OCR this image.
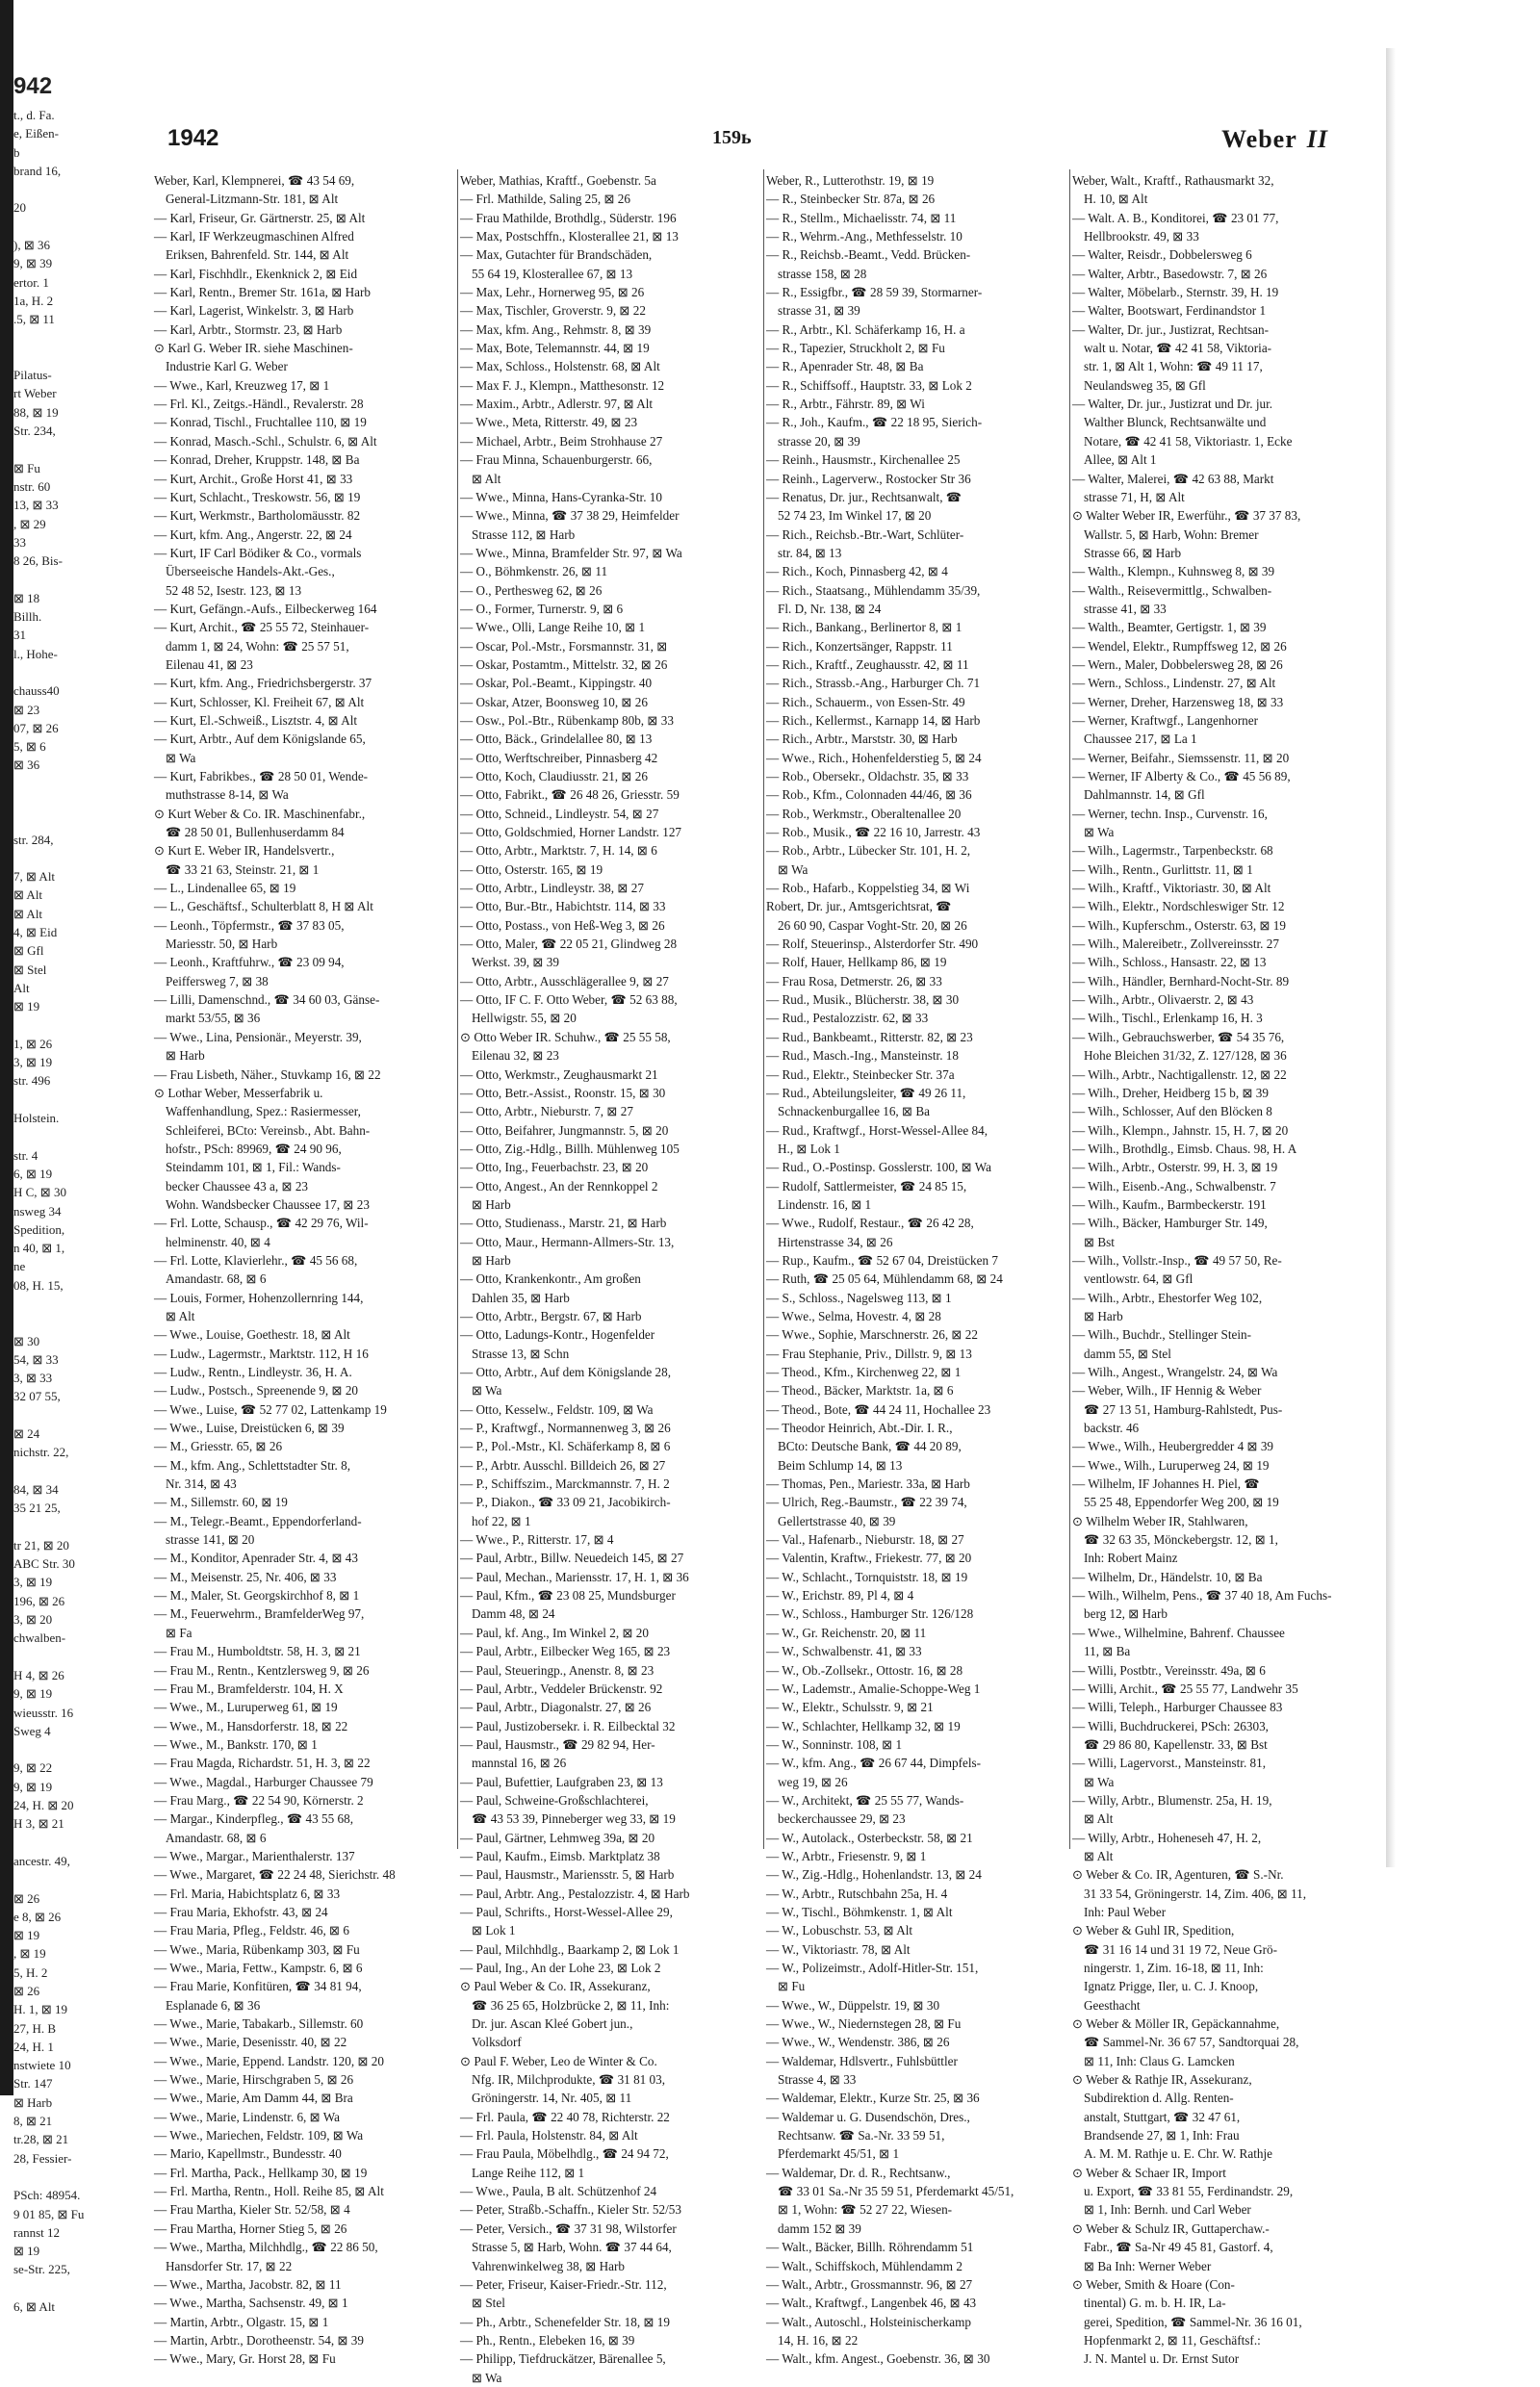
942
t., d. Fa.
e, Eißen-
b
brand 16,

20

), ⊠ 36
9, ⊠ 39
ertor. 1
1a, H. 2
.5, ⊠ 11

Pilatus-
rt Weber
88, ⊠ 19
Str. 234,

⊠ Fu
nstr. 60
13, ⊠ 33
, ⊠ 29
33
8 26, Bis-

⊠ 18
Billh.
31
l., Hohe-

chauss40
⊠ 23
07, ⊠ 26
5, ⊠ 6
⊠ 36

str. 284,

7, ⊠ Alt
⊠ Alt
⊠ Alt
4, ⊠ Eid
⊠ Gfl
⊠ Stel
Alt
⊠ 19

1, ⊠ 26
3, ⊠ 19
str. 496

Holstein.

str. 4
6, ⊠ 19
H C, ⊠ 30
nsweg 34
Spedition,
n 40, ⊠ 1,
ne
08, H. 15,

⊠ 30
54, ⊠ 33
3, ⊠ 33
32 07 55,

⊠ 24
nichstr. 22,

84, ⊠ 34
35 21 25,

tr 21, ⊠ 20
ABC Str. 30
3, ⊠ 19
196, ⊠ 26
3, ⊠ 20
chwalben-

H 4, ⊠ 26
9, ⊠ 19
wieusstr. 16
Sweg 4

9, ⊠ 22
9, ⊠ 19
24, H. ⊠ 20
H 3, ⊠ 21

ancestr. 49,

⊠ 26
e 8, ⊠ 26
⊠ 19
, ⊠ 19
5, H. 2
⊠ 26
H. 1, ⊠ 19
27, H. B
24, H. 1
nstwiete 10
Str. 147
⊠ Harb
8, ⊠ 21
tr.28, ⊠ 21
28, Fessier-

PSch: 48954.
9 01 85, ⊠ Fu
rannst 12
⊠ 19
se-Str. 225,

6, ⊠ Alt
1942	159ь	Weber II
Weber, Karl, Klempnerei, ☎ 43 54 69,
General-Litzmann-Str. 181, ⊠ Alt
— Karl, Friseur, Gr. Gärtnerstr. 25, ⊠ Alt
— Karl, IF Werkzeugmaschinen Alfred
Eriksen, Bahrenfeld. Str. 144, ⊠ Alt
— Karl, Fischhdlr., Ekenknick 2, ⊠ Eid
— Karl, Rentn., Bremer Str. 161a, ⊠ Harb
— Karl, Lagerist, Winkelstr. 3, ⊠ Harb
— Karl, Arbtr., Stormstr. 23, ⊠ Harb
⊙ Karl G. Weber IR. siehe Maschinen-
Industrie Karl G. Weber
— Wwe., Karl, Kreuzweg 17, ⊠ 1
— Frl. Kl., Zeitgs.-Händl., Revalerstr. 28
— Konrad, Tischl., Fruchtallee 110, ⊠ 19
— Konrad, Masch.-Schl., Schulstr. 6, ⊠ Alt
— Konrad, Dreher, Kruppstr. 148, ⊠ Ba
— Kurt, Archit., Große Horst 41, ⊠ 33
— Kurt, Schlacht., Treskowstr. 56, ⊠ 19
— Kurt, Werkmstr., Bartholomäusstr. 82
— Kurt, kfm. Ang., Angerstr. 22, ⊠ 24
— Kurt, IF Carl Bödiker & Co., vormals
Überseeische Handels-Akt.-Ges.,
52 48 52, Isestr. 123, ⊠ 13
— Kurt, Gefängn.-Aufs., Eilbeckerweg 164
— Kurt, Archit., ☎ 25 55 72, Steinhauer-
damm 1, ⊠ 24, Wohn: ☎ 25 57 51,
Eilenau 41, ⊠ 23
— Kurt, kfm. Ang., Friedrichsbergerstr. 37
— Kurt, Schlosser, Kl. Freiheit 67, ⊠ Alt
— Kurt, El.-Schweiß., Lisztstr. 4, ⊠ Alt
— Kurt, Arbtr., Auf dem Königslande 65,
⊠ Wa
— Kurt, Fabrikbes., ☎ 28 50 01, Wende-
muthstrasse 8-14, ⊠ Wa
⊙ Kurt Weber & Co. IR. Maschinenfabr.,
☎ 28 50 01, Bullenhuserdamm 84
⊙ Kurt E. Weber IR, Handelsvertr.,
☎ 33 21 63, Steinstr. 21, ⊠ 1
— L., Lindenallee 65, ⊠ 19
— L., Geschäftsf., Schulterblatt 8, H ⊠ Alt
— Leonh., Töpfermstr., ☎ 37 83 05,
Mariesstr. 50, ⊠ Harb
— Leonh., Kraftfuhrw., ☎ 23 09 94,
Peiffersweg 7, ⊠ 38
— Lilli, Damenschnd., ☎ 34 60 03, Gänse-
markt 53/55, ⊠ 36
— Wwe., Lina, Pensionär., Meyerstr. 39,
⊠ Harb
— Frau Lisbeth, Näher., Stuvkamp 16, ⊠ 22
⊙ Lothar Weber, Messerfabrik u.
Waffenhandlung, Spez.: Rasiermesser,
Schleiferei, BCto: Vereinsb., Abt. Bahn-
hofstr., PSch: 89969, ☎ 24 90 96,
Steindamm 101, ⊠ 1, Fil.: Wands-
becker Chaussee 43 a, ⊠ 23
Wohn. Wandsbecker Chaussee 17, ⊠ 23
— Frl. Lotte, Schausp., ☎ 42 29 76, Wil-
helminenstr. 40, ⊠ 4
— Frl. Lotte, Klavierlehr., ☎ 45 56 68,
Amandastr. 68, ⊠ 6
— Louis, Former, Hohenzollernring 144,
⊠ Alt
— Wwe., Louise, Goethestr. 18, ⊠ Alt
— Ludw., Lagermstr., Marktstr. 112, H 16
— Ludw., Rentn., Lindleystr. 36, H. A.
— Ludw., Postsch., Spreenende 9, ⊠ 20
— Wwe., Luise, ☎ 52 77 02, Lattenkamp 19
— Wwe., Luise, Dreistücken 6, ⊠ 39
— M., Griesstr. 65, ⊠ 26
— M., kfm. Ang., Schlettstadter Str. 8,
Nr. 314, ⊠ 43
— M., Sillemstr. 60, ⊠ 19
— M., Telegr.-Beamt., Eppendorferland-
strasse 141, ⊠ 20
— M., Konditor, Apenrader Str. 4, ⊠ 43
— M., Meisenstr. 25, Nr. 406, ⊠ 33
— M., Maler, St. Georgskirchhof 8, ⊠ 1
— M., Feuerwehrm., BramfelderWeg 97,
⊠ Fa
— Frau M., Humboldtstr. 58, H. 3, ⊠ 21
— Frau M., Rentn., Kentzlersweg 9, ⊠ 26
— Frau M., Bramfelderstr. 104, H. X
— Wwe., M., Luruperweg 61, ⊠ 19
— Wwe., M., Hansdorferstr. 18, ⊠ 22
— Wwe., M., Bankstr. 170, ⊠ 1
— Frau Magda, Richardstr. 51, H. 3, ⊠ 22
— Wwe., Magdal., Harburger Chaussee 79
— Frau Marg., ☎ 22 54 90, Körnerstr. 2
— Margar., Kinderpfleg., ☎ 43 55 68,
Amandastr. 68, ⊠ 6
— Wwe., Margar., Marienthalerstr. 137
— Wwe., Margaret, ☎ 22 24 48, Sierichstr. 48
— Frl. Maria, Habichtsplatz 6, ⊠ 33
— Frau Maria, Ekhofstr. 43, ⊠ 24
— Frau Maria, Pfleg., Feldstr. 46, ⊠ 6
— Wwe., Maria, Rübenkamp 303, ⊠ Fu
— Wwe., Maria, Fettw., Kampstr. 6, ⊠ 6
— Frau Marie, Konfitüren, ☎ 34 81 94,
Esplanade 6, ⊠ 36
— Wwe., Marie, Tabakarb., Sillemstr. 60
— Wwe., Marie, Desenisstr. 40, ⊠ 22
— Wwe., Marie, Eppend. Landstr. 120, ⊠ 20
— Wwe., Marie, Hirschgraben 5, ⊠ 26
— Wwe., Marie, Am Damm 44, ⊠ Bra
— Wwe., Marie, Lindenstr. 6, ⊠ Wa
— Wwe., Mariechen, Feldstr. 109, ⊠ Wa
— Mario, Kapellmstr., Bundesstr. 40
— Frl. Martha, Pack., Hellkamp 30, ⊠ 19
— Frl. Martha, Rentn., Holl. Reihe 85, ⊠ Alt
— Frau Martha, Kieler Str. 52/58, ⊠ 4
— Frau Martha, Horner Stieg 5, ⊠ 26
— Wwe., Martha, Milchhdlg., ☎ 22 86 50,
Hansdorfer Str. 17, ⊠ 22
— Wwe., Martha, Jacobstr. 82, ⊠ 11
— Wwe., Martha, Sachsenstr. 49, ⊠ 1
— Martin, Arbtr., Olgastr. 15, ⊠ 1
— Martin, Arbtr., Dorotheenstr. 54, ⊠ 39
— Wwe., Mary, Gr. Horst 28, ⊠ Fu
Weber, Mathias, Kraftf., Goebenstr. 5a
— Frl. Mathilde, Saling 25, ⊠ 26
— Frau Mathilde, Brothdlg., Süderstr. 196
— Max, Postschffn., Klosterallee 21, ⊠ 13
— Max, Gutachter für Brandschäden,
55 64 19, Klosterallee 67, ⊠ 13
— Max, Lehr., Hornerweg 95, ⊠ 26
— Max, Tischler, Groverstr. 9, ⊠ 22
— Max, kfm. Ang., Rehmstr. 8, ⊠ 39
— Max, Bote, Telemannstr. 44, ⊠ 19
— Max, Schloss., Holstenstr. 68, ⊠ Alt
— Max F. J., Klempn., Matthesonstr. 12
— Maxim., Arbtr., Adlerstr. 97, ⊠ Alt
— Wwe., Meta, Ritterstr. 49, ⊠ 23
— Michael, Arbtr., Beim Strohhause 27
— Frau Minna, Schauenburgerstr. 66,
⊠ Alt
— Wwe., Minna, Hans-Cyranka-Str. 10
— Wwe., Minna, ☎ 37 38 29, Heimfelder
Strasse 112, ⊠ Harb
— Wwe., Minna, Bramfelder Str. 97, ⊠ Wa
— O., Böhmkenstr. 26, ⊠ 11
— O., Perthesweg 62, ⊠ 26
— O., Former, Turnerstr. 9, ⊠ 6
— Wwe., Olli, Lange Reihe 10, ⊠ 1
— Oscar, Pol.-Mstr., Forsmannstr. 31, ⊠
— Oskar, Postamtm., Mittelstr. 32, ⊠ 26
— Oskar, Pol.-Beamt., Kippingstr. 40
— Oskar, Atzer, Boonsweg 10, ⊠ 26
— Osw., Pol.-Btr., Rübenkamp 80b, ⊠ 33
— Otto, Bäck., Grindelallee 80, ⊠ 13
— Otto, Werftschreiber, Pinnasberg 42
— Otto, Koch, Claudiusstr. 21, ⊠ 26
— Otto, Fabrikt., ☎ 26 48 26, Griesstr. 59
— Otto, Schneid., Lindleystr. 54, ⊠ 27
— Otto, Goldschmied, Horner Landstr. 127
— Otto, Arbtr., Marktstr. 7, H. 14, ⊠ 6
— Otto, Osterstr. 165, ⊠ 19
— Otto, Arbtr., Lindleystr. 38, ⊠ 27
— Otto, Bur.-Btr., Habichtstr. 114, ⊠ 33
— Otto, Postass., von Heß-Weg 3, ⊠ 26
— Otto, Maler, ☎ 22 05 21, Glindweg 28
Werkst. 39, ⊠ 39
— Otto, Arbtr., Ausschlägerallee 9, ⊠ 27
— Otto, IF C. F. Otto Weber, ☎ 52 63 88,
Hellwigstr. 55, ⊠ 20
⊙ Otto Weber IR. Schuhw., ☎ 25 55 58,
Eilenau 32, ⊠ 23
— Otto, Werkmstr., Zeughausmarkt 21
— Otto, Betr.-Assist., Roonstr. 15, ⊠ 30
— Otto, Arbtr., Nieburstr. 7, ⊠ 27
— Otto, Beifahrer, Jungmannstr. 5, ⊠ 20
— Otto, Zig.-Hdlg., Billh. Mühlenweg 105
— Otto, Ing., Feuerbachstr. 23, ⊠ 20
— Otto, Angest., An der Rennkoppel 2
⊠ Harb
— Otto, Studienass., Marstr. 21, ⊠ Harb
— Otto, Maur., Hermann-Allmers-Str. 13,
⊠ Harb
— Otto, Krankenkontr., Am großen
Dahlen 35, ⊠ Harb
— Otto, Arbtr., Bergstr. 67, ⊠ Harb
— Otto, Ladungs-Kontr., Hogenfelder
Strasse 13, ⊠ Schn
— Otto, Arbtr., Auf dem Königslande 28,
⊠ Wa
— Otto, Kesselw., Feldstr. 109, ⊠ Wa
— P., Kraftwgf., Normannenweg 3, ⊠ 26
— P., Pol.-Mstr., Kl. Schäferkamp 8, ⊠ 6
— P., Arbtr. Ausschl. Billdeich 26, ⊠ 27
— P., Schiffszim., Marckmannstr. 7, H. 2
— P., Diakon., ☎ 33 09 21, Jacobikirch-
hof 22, ⊠ 1
— Wwe., P., Ritterstr. 17, ⊠ 4
— Paul, Arbtr., Billw. Neuedeich 145, ⊠ 27
— Paul, Mechan., Mariensstr. 17, H. 1, ⊠ 36
— Paul, Kfm., ☎ 23 08 25, Mundsburger
Damm 48, ⊠ 24
— Paul, kf. Ang., Im Winkel 2, ⊠ 20
— Paul, Arbtr., Eilbecker Weg 165, ⊠ 23
— Paul, Steueringp., Anenstr. 8, ⊠ 23
— Paul, Arbtr., Veddeler Brückenstr. 92
— Paul, Arbtr., Diagonalstr. 27, ⊠ 26
— Paul, Justizobersekr. i. R. Eilbecktal 32
— Paul, Hausmstr., ☎ 29 82 94, Her-
mannstal 16, ⊠ 26
— Paul, Bufettier, Laufgraben 23, ⊠ 13
— Paul, Schweine-Großschlachterei,
☎ 43 53 39, Pinneberger weg 33, ⊠ 19
— Paul, Gärtner, Lehmweg 39a, ⊠ 20
— Paul, Kaufm., Eimsb. Marktplatz 38
— Paul, Hausmstr., Mariensstr. 5, ⊠ Harb
— Paul, Arbtr. Ang., Pestalozzistr. 4, ⊠ Harb
— Paul, Schrifts., Horst-Wessel-Allee 29,
⊠ Lok 1
— Paul, Milchhdlg., Baarkamp 2, ⊠ Lok 1
— Paul, Ing., An der Lohe 23, ⊠ Lok 2
⊙ Paul Weber & Co. IR, Assekuranz,
☎ 36 25 65, Holzbrücke 2, ⊠ 11, Inh:
Dr. jur. Ascan Kleé Gobert jun.,
Volksdorf
⊙ Paul F. Weber, Leo de Winter & Co.
Nfg. IR, Milchprodukte, ☎ 31 81 03,
Gröningerstr. 14, Nr. 405, ⊠ 11
— Frl. Paula, ☎ 22 40 78, Richterstr. 22
— Frl. Paula, Holstenstr. 84, ⊠ Alt
— Frau Paula, Möbelhdlg., ☎ 24 94 72,
Lange Reihe 112, ⊠ 1
— Wwe., Paula, B alt. Schützenhof 24
— Peter, Straßb.-Schaffn., Kieler Str. 52/53
— Peter, Versich., ☎ 37 31 98, Wilstorfer
Strasse 5, ⊠ Harb, Wohn. ☎ 37 44 64,
Vahrenwinkelweg 38, ⊠ Harb
— Peter, Friseur, Kaiser-Friedr.-Str. 112,
⊠ Stel
— Ph., Arbtr., Schenefelder Str. 18, ⊠ 19
— Ph., Rentn., Elebeken 16, ⊠ 39
— Philipp, Tiefdruckätzer, Bärenallee 5,
⊠ Wa
Weber, R., Lutterothstr. 19, ⊠ 19
— R., Steinbecker Str. 87a, ⊠ 26
— R., Stellm., Michaelisstr. 74, ⊠ 11
— R., Wehrm.-Ang., Methfesselstr. 10
— R., Reichsb.-Beamt., Vedd. Brücken-
strasse 158, ⊠ 28
— R., Essigfbr., ☎ 28 59 39, Stormarner-
strasse 31, ⊠ 39
— R., Arbtr., Kl. Schäferkamp 16, H. a
— R., Tapezier, Struckholt 2, ⊠ Fu
— R., Apenrader Str. 48, ⊠ Ba
— R., Schiffsoff., Hauptstr. 33, ⊠ Lok 2
— R., Arbtr., Fährstr. 89, ⊠ Wi
— R., Joh., Kaufm., ☎ 22 18 95, Sierich-
strasse 20, ⊠ 39
— Reinh., Hausmstr., Kirchenallee 25
— Reinh., Lagerverw., Rostocker Str 36
— Renatus, Dr. jur., Rechtsanwalt, ☎
52 74 23, Im Winkel 17, ⊠ 20
— Rich., Reichsb.-Btr.-Wart, Schlüter-
str. 84, ⊠ 13
— Rich., Koch, Pinnasberg 42, ⊠ 4
— Rich., Staatsang., Mühlendamm 35/39,
Fl. D, Nr. 138, ⊠ 24
— Rich., Bankang., Berlinertor 8, ⊠ 1
— Rich., Konzertsänger, Rappstr. 11
— Rich., Kraftf., Zeughausstr. 42, ⊠ 11
— Rich., Strassb.-Ang., Harburger Ch. 71
— Rich., Schauerm., von Essen-Str. 49
— Rich., Kellermst., Karnapp 14, ⊠ Harb
— Rich., Arbtr., Marststr. 30, ⊠ Harb
— Wwe., Rich., Hohenfelderstieg 5, ⊠ 24
— Rob., Obersekr., Oldachstr. 35, ⊠ 33
— Rob., Kfm., Colonnaden 44/46, ⊠ 36
— Rob., Werkmstr., Oberaltenallee 20
— Rob., Musik., ☎ 22 16 10, Jarrestr. 43
— Rob., Arbtr., Lübecker Str. 101, H. 2,
⊠ Wa
— Rob., Hafarb., Koppelstieg 34, ⊠ Wi
Robert, Dr. jur., Amtsgerichtsrat, ☎
26 60 90, Caspar Voght-Str. 20, ⊠ 26
— Rolf, Steuerinsp., Alsterdorfer Str. 490
— Rolf, Hauer, Hellkamp 86, ⊠ 19
— Frau Rosa, Detmerstr. 26, ⊠ 33
— Rud., Musik., Blücherstr. 38, ⊠ 30
— Rud., Pestalozzistr. 62, ⊠ 33
— Rud., Bankbeamt., Ritterstr. 82, ⊠ 23
— Rud., Masch.-Ing., Mansteinstr. 18
— Rud., Elektr., Steinbecker Str. 37a
— Rud., Abteilungsleiter, ☎ 49 26 11,
Schnackenburgallee 16, ⊠ Ba
— Rud., Kraftwgf., Horst-Wessel-Allee 84,
H., ⊠ Lok 1
— Rud., O.-Postinsp. Gosslerstr. 100, ⊠ Wa
— Rudolf, Sattlermeister, ☎ 24 85 15,
Lindenstr. 16, ⊠ 1
— Wwe., Rudolf, Restaur., ☎ 26 42 28,
Hirtenstrasse 34, ⊠ 26
— Rup., Kaufm., ☎ 52 67 04, Dreistücken 7
— Ruth, ☎ 25 05 64, Mühlendamm 68, ⊠ 24
— S., Schloss., Nagelsweg 113, ⊠ 1
— Wwe., Selma, Hovestr. 4, ⊠ 28
— Wwe., Sophie, Marschnerstr. 26, ⊠ 22
— Frau Stephanie, Priv., Dillstr. 9, ⊠ 13
— Theod., Kfm., Kirchenweg 22, ⊠ 1
— Theod., Bäcker, Marktstr. 1a, ⊠ 6
— Theod., Bote, ☎ 44 24 11, Hochallee 23
— Theodor Heinrich, Abt.-Dir. I. R.,
BCto: Deutsche Bank, ☎ 44 20 89,
Beim Schlump 14, ⊠ 13
— Thomas, Pen., Mariestr. 33a, ⊠ Harb
— Ulrich, Reg.-Baumstr., ☎ 22 39 74,
Gellertstrasse 40, ⊠ 39
— Val., Hafenarb., Nieburstr. 18, ⊠ 27
— Valentin, Kraftw., Friekestr. 77, ⊠ 20
— W., Schlacht., Tornquiststr. 18, ⊠ 19
— W., Erichstr. 89, Pl 4, ⊠ 4
— W., Schloss., Hamburger Str. 126/128
— W., Gr. Reichenstr. 20, ⊠ 11
— W., Schwalbenstr. 41, ⊠ 33
— W., Ob.-Zollsekr., Ottostr. 16, ⊠ 28
— W., Lademstr., Amalie-Schoppe-Weg 1
— W., Elektr., Schulsstr. 9, ⊠ 21
— W., Schlachter, Hellkamp 32, ⊠ 19
— W., Sonninstr. 108, ⊠ 1
— W., kfm. Ang., ☎ 26 67 44, Dimpfels-
weg 19, ⊠ 26
— W., Architekt, ☎ 25 55 77, Wands-
beckerchaussee 29, ⊠ 23
— W., Autolack., Osterbeckstr. 58, ⊠ 21
— W., Arbtr., Friesenstr. 9, ⊠ 1
— W., Zig.-Hdlg., Hohenlandstr. 13, ⊠ 24
— W., Arbtr., Rutschbahn 25a, H. 4
— W., Tischl., Böhmkenstr. 1, ⊠ Alt
— W., Lobuschstr. 53, ⊠ Alt
— W., Viktoriastr. 78, ⊠ Alt
— W., Polizeimstr., Adolf-Hitler-Str. 151,
⊠ Fu
— Wwe., W., Düppelstr. 19, ⊠ 30
— Wwe., W., Niedernstegen 28, ⊠ Fu
— Wwe., W., Wendenstr. 386, ⊠ 26
— Waldemar, Hdlsvertr., Fuhlsbüttler
Strasse 4, ⊠ 33
— Waldemar, Elektr., Kurze Str. 25, ⊠ 36
— Waldemar u. G. Dusendschön, Dres.,
Rechtsanw. ☎ Sa.-Nr. 33 59 51,
Pferdemarkt 45/51, ⊠ 1
— Waldemar, Dr. d. R., Rechtsanw.,
☎ 33 01 Sa.-Nr 35 59 51, Pferdemarkt 45/51,
⊠ 1, Wohn: ☎ 52 27 22, Wiesen-
damm 152 ⊠ 39
— Walt., Bäcker, Billh. Röhrendamm 51
— Walt., Schiffskoch, Mühlendamm 2
— Walt., Arbtr., Grossmannstr. 96, ⊠ 27
— Walt., Kraftwgf., Langenbek 46, ⊠ 43
— Walt., Autoschl., Holsteinischerkamp
14, H. 16, ⊠ 22
— Walt., kfm. Angest., Goebenstr. 36, ⊠ 30
Weber, Walt., Kraftf., Rathausmarkt 32,
H. 10, ⊠ Alt
— Walt. A. B., Konditorei, ☎ 23 01 77,
Hellbrookstr. 49, ⊠ 33
— Walter, Reisdr., Dobbelersweg 6
— Walter, Arbtr., Basedowstr. 7, ⊠ 26
— Walter, Möbelarb., Sternstr. 39, H. 19
— Walter, Bootswart, Ferdinandstor 1
— Walter, Dr. jur., Justizrat, Rechtsan-
walt u. Notar, ☎ 42 41 58, Viktoria-
str. 1, ⊠ Alt 1, Wohn: ☎ 49 11 17,
Neulandsweg 35, ⊠ Gfl
— Walter, Dr. jur., Justizrat und Dr. jur.
Walther Blunck, Rechtsanwälte und
Notare, ☎ 42 41 58, Viktoriastr. 1, Ecke
Allee, ⊠ Alt 1
— Walter, Malerei, ☎ 42 63 88, Markt
strasse 71, H, ⊠ Alt
⊙ Walter Weber IR, Ewerführ., ☎ 37 37 83,
Wallstr. 5, ⊠ Harb, Wohn: Bremer
Strasse 66, ⊠ Harb
— Walth., Klempn., Kuhnsweg 8, ⊠ 39
— Walth., Reisevermittlg., Schwalben-
strasse 41, ⊠ 33
— Walth., Beamter, Gertigstr. 1, ⊠ 39
— Wendel, Elektr., Rumpffsweg 12, ⊠ 26
— Wern., Maler, Dobbelersweg 28, ⊠ 26
— Wern., Schloss., Lindenstr. 27, ⊠ Alt
— Werner, Dreher, Harzensweg 18, ⊠ 33
— Werner, Kraftwgf., Langenhorner
Chaussee 217, ⊠ La 1
— Werner, Beifahr., Siemssenstr. 11, ⊠ 20
— Werner, IF Alberty & Co., ☎ 45 56 89,
Dahlmannstr. 14, ⊠ Gfl
— Werner, techn. Insp., Curvenstr. 16,
⊠ Wa
— Wilh., Lagermstr., Tarpenbeckstr. 68
— Wilh., Rentn., Gurlittstr. 11, ⊠ 1
— Wilh., Kraftf., Viktoriastr. 30, ⊠ Alt
— Wilh., Elektr., Nordschleswiger Str. 12
— Wilh., Kupferschm., Osterstr. 63, ⊠ 19
— Wilh., Malereibetr., Zollvereinsstr. 27
— Wilh., Schloss., Hansastr. 22, ⊠ 13
— Wilh., Händler, Bernhard-Nocht-Str. 89
— Wilh., Arbtr., Olivaerstr. 2, ⊠ 43
— Wilh., Tischl., Erlenkamp 16, H. 3
— Wilh., Gebrauchswerber, ☎ 54 35 76,
Hohe Bleichen 31/32, Z. 127/128, ⊠ 36
— Wilh., Arbtr., Nachtigallenstr. 12, ⊠ 22
— Wilh., Dreher, Heidberg 15 b, ⊠ 39
— Wilh., Schlosser, Auf den Blöcken 8
— Wilh., Klempn., Jahnstr. 15, H. 7, ⊠ 20
— Wilh., Brothdlg., Eimsb. Chaus. 98, H. A
— Wilh., Arbtr., Osterstr. 99, H. 3, ⊠ 19
— Wilh., Eisenb.-Ang., Schwalbenstr. 7
— Wilh., Kaufm., Barmbeckerstr. 191
— Wilh., Bäcker, Hamburger Str. 149,
⊠ Bst
— Wilh., Vollstr.-Insp., ☎ 49 57 50, Re-
ventlowstr. 64, ⊠ Gfl
— Wilh., Arbtr., Ehestorfer Weg 102,
⊠ Harb
— Wilh., Buchdr., Stellinger Stein-
damm 55, ⊠ Stel
— Wilh., Angest., Wrangelstr. 24, ⊠ Wa
— Weber, Wilh., IF Hennig & Weber
☎ 27 13 51, Hamburg-Rahlstedt, Pus-
backstr. 46
— Wwe., Wilh., Heubergredder 4 ⊠ 39
— Wwe., Wilh., Luruperweg 24, ⊠ 19
— Wilhelm, IF Johannes H. Piel, ☎
55 25 48, Eppendorfer Weg 200, ⊠ 19
⊙ Wilhelm Weber IR, Stahlwaren,
☎ 32 63 35, Mönckebergstr. 12, ⊠ 1,
Inh: Robert Mainz
— Wilhelm, Dr., Händelstr. 10, ⊠ Ba
— Wilh., Wilhelm, Pens., ☎ 37 40 18, Am Fuchs-
berg 12, ⊠ Harb
— Wwe., Wilhelmine, Bahrenf. Chaussee
11, ⊠ Ba
— Willi, Postbtr., Vereinsstr. 49a, ⊠ 6
— Willi, Archit., ☎ 25 55 77, Landwehr 35
— Willi, Teleph., Harburger Chaussee 83
— Willi, Buchdruckerei, PSch: 26303,
☎ 29 86 80, Kapellenstr. 33, ⊠ Bst
— Willi, Lagervorst., Mansteinstr. 81,
⊠ Wa
— Willy, Arbtr., Blumenstr. 25a, H. 19,
⊠ Alt
— Willy, Arbtr., Hoheneseh 47, H. 2,
⊠ Alt
⊙ Weber & Co. IR, Agenturen, ☎ S.-Nr.
31 33 54, Gröningerstr. 14, Zim. 406, ⊠ 11,
Inh: Paul Weber
⊙ Weber & Guhl IR, Spedition,
☎ 31 16 14 und 31 19 72, Neue Grö-
ningerstr. 1, Zim. 16-18, ⊠ 11, Inh:
Ignatz Prigge, Iler, u. C. J. Knoop,
Geesthacht
⊙ Weber & Möller IR, Gepäckannahme,
☎ Sammel-Nr. 36 67 57, Sandtorquai 28,
⊠ 11, Inh: Claus G. Lamcken
⊙ Weber & Rathje IR, Assekuranz,
Subdirektion d. Allg. Renten-
anstalt, Stuttgart, ☎ 32 47 61,
Brandsende 27, ⊠ 1, Inh: Frau
A. M. M. Rathje u. E. Chr. W. Rathje
⊙ Weber & Schaer IR, Import
u. Export, ☎ 33 81 55, Ferdinandstr. 29,
⊠ 1, Inh: Bernh. und Carl Weber
⊙ Weber & Schulz IR, Guttaperchaw.-
Fabr., ☎ Sa-Nr 49 45 81, Gastorf. 4,
⊠ Ba Inh: Werner Weber
⊙ Weber, Smith & Hoare (Con-
tinental) G. m. b. H. IR, La-
gerei, Spedition, ☎ Sammel-Nr. 36 16 01,
Hopfenmarkt 2, ⊠ 11, Geschäftsf.:
J. N. Mantel u. Dr. Ernst Sutor
